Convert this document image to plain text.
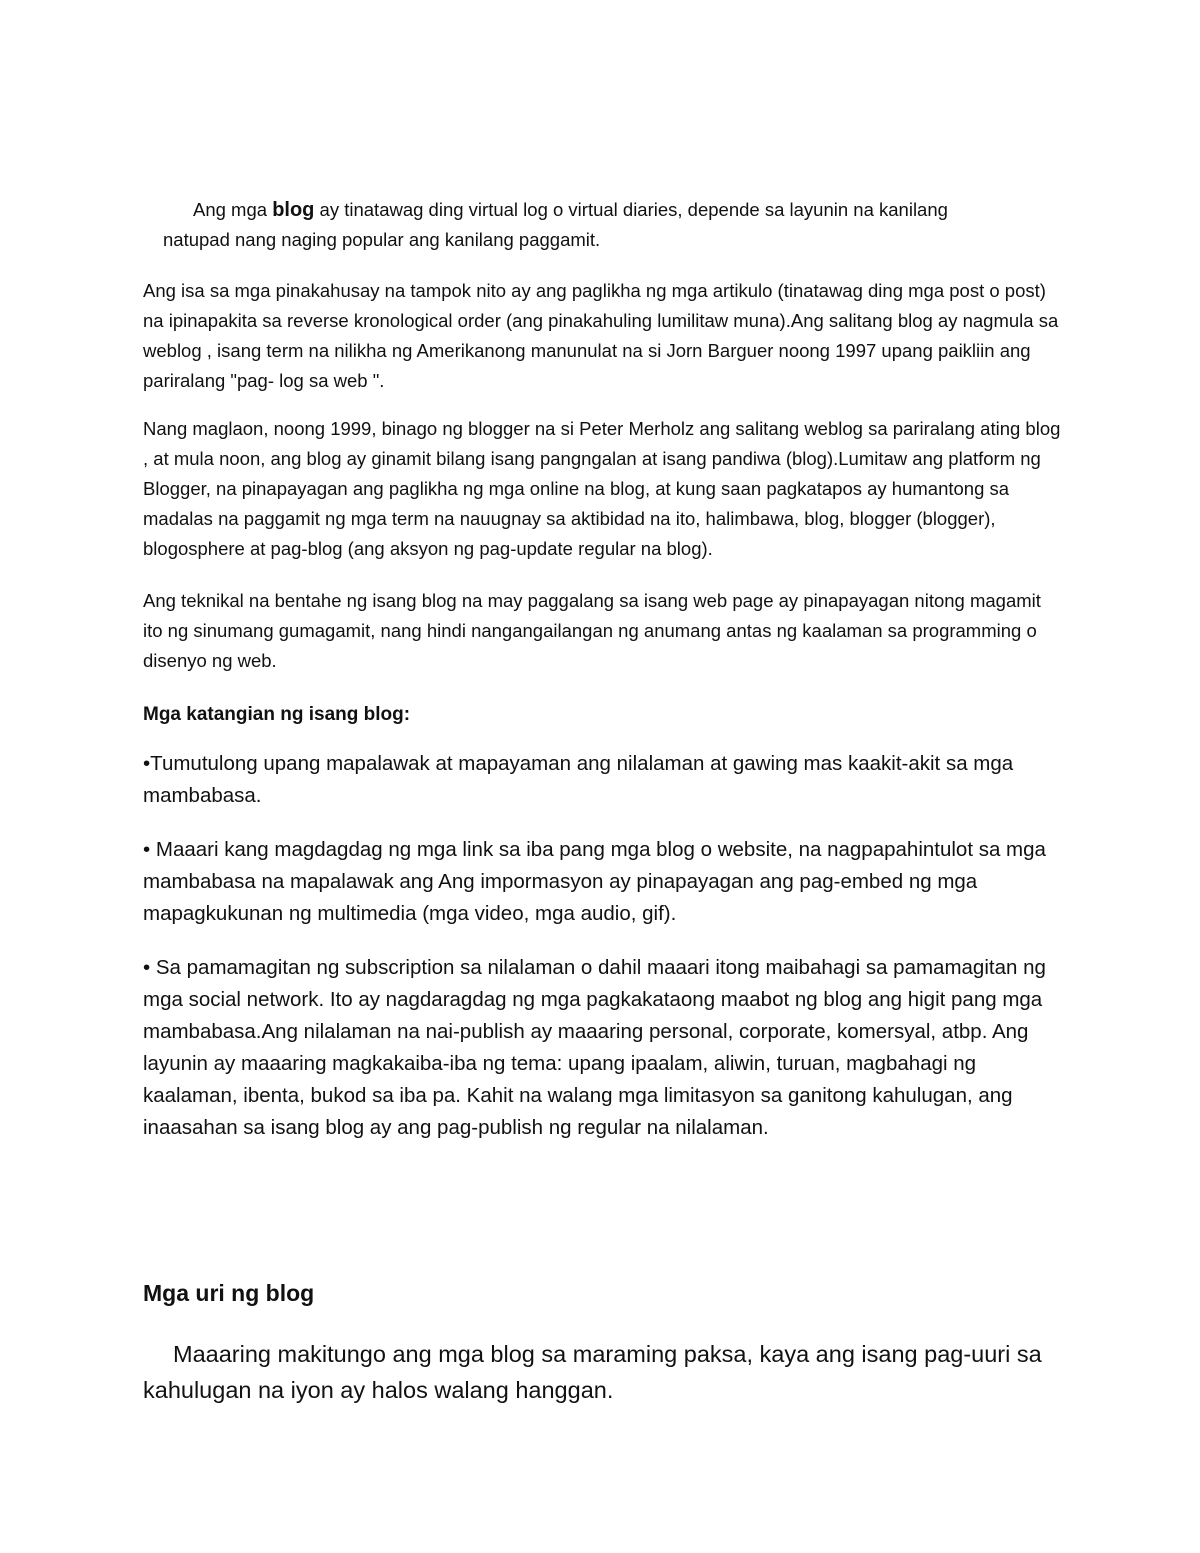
Ang mga blog ay tinatawag ding virtual log o virtual diaries, depende sa layunin na kanilang
natupad nang naging popular ang kanilang paggamit.

Ang isa sa mga pinakahusay na tampok nito ay ang paglikha ng mga artikulo (tinatawag ding mga post o post) na ipinapakita sa reverse kronological order (ang pinakahuling lumilitaw muna).Ang salitang blog ay nagmula sa weblog , isang term na nilikha ng Amerikanong manunulat na si Jorn Barguer noong 1997 upang paikliin ang pariralang "pag- log sa web ".

Nang maglaon, noong 1999, binago ng blogger na si Peter Merholz ang salitang weblog sa pariralang ating blog , at mula noon, ang blog ay ginamit bilang isang pangngalan at isang pandiwa (blog).Lumitaw ang platform ng Blogger, na pinapayagan ang paglikha ng mga online na blog, at kung saan pagkatapos ay humantong sa madalas na paggamit ng mga term na nauugnay sa aktibidad na ito, halimbawa, blog, blogger (blogger), blogosphere at pag-blog (ang aksyon ng pag-update regular na blog).

Ang teknikal na bentahe ng isang blog na may paggalang sa isang web page ay pinapayagan nitong magamit ito ng sinumang gumagamit, nang hindi nangangailangan ng anumang antas ng kaalaman sa programming o disenyo ng web.

Mga katangian ng isang blog:

•Tumutulong upang mapalawak at mapayaman ang nilalaman at gawing mas kaakit-akit sa mga mambabasa.

• Maaari kang magdagdag ng mga link sa iba pang mga blog o website, na nagpapahintulot sa mga mambabasa na mapalawak ang Ang impormasyon ay pinapayagan ang pag-embed ng mga mapagkukunan ng multimedia (mga video, mga audio, gif).

• Sa pamamagitan ng subscription sa nilalaman o dahil maaari itong maibahagi sa pamamagitan ng mga social network. Ito ay nagdaragdag ng mga pagkakataong maabot ng blog ang higit pang mga mambabasa.Ang nilalaman na nai-publish ay maaaring personal, corporate, komersyal, atbp. Ang layunin ay maaaring magkakaiba-iba ng tema: upang ipaalam, aliwin, turuan, magbahagi ng kaalaman, ibenta, bukod sa iba pa. Kahit na walang mga limitasyon sa ganitong kahulugan, ang inaasahan sa isang blog ay ang pag-publish ng regular na nilalaman.

Mga uri ng blog

Maaaring makitungo ang mga blog sa maraming paksa, kaya ang isang pag-uuri sa kahulugan na iyon ay halos walang hanggan.
